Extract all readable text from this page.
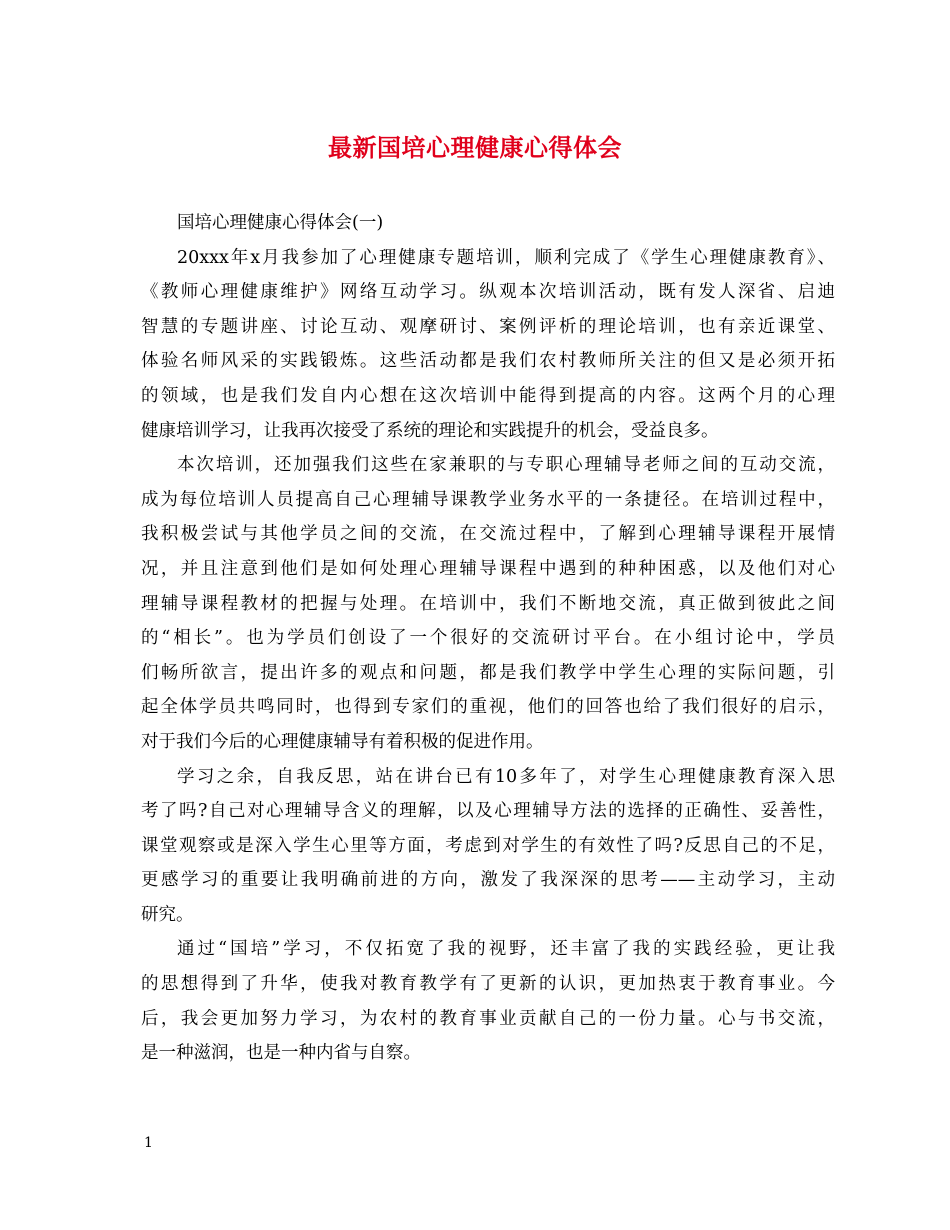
最新国培心理健康心得体会
国培心理健康心得体会(一)
20xxx年x月我参加了心理健康专题培训，顺利完成了《学生心理健康教育》、
《教师心理健康维护》网络互动学习。纵观本次培训活动，既有发人深省、启迪
智慧的专题讲座、讨论互动、观摩研讨、案例评析的理论培训，也有亲近课堂、
体验名师风采的实践锻炼。这些活动都是我们农村教师所关注的但又是必须开拓
的领域，也是我们发自内心想在这次培训中能得到提高的内容。这两个月的心理
健康培训学习，让我再次接受了系统的理论和实践提升的机会，受益良多。
本次培训，还加强我们这些在家兼职的与专职心理辅导老师之间的互动交流，
成为每位培训人员提高自己心理辅导课教学业务水平的一条捷径。在培训过程中，
我积极尝试与其他学员之间的交流，在交流过程中，了解到心理辅导课程开展情
况，并且注意到他们是如何处理心理辅导课程中遇到的种种困惑，以及他们对心
理辅导课程教材的把握与处理。在培训中，我们不断地交流，真正做到彼此之间
的“相长”。也为学员们创设了一个很好的交流研讨平台。在小组讨论中，学员
们畅所欲言，提出许多的观点和问题，都是我们教学中学生心理的实际问题，引
起全体学员共鸣同时，也得到专家们的重视，他们的回答也给了我们很好的启示，
对于我们今后的心理健康辅导有着积极的促进作用。
学习之余，自我反思，站在讲台已有10多年了，对学生心理健康教育深入思
考了吗?自己对心理辅导含义的理解，以及心理辅导方法的选择的正确性、妥善性，
课堂观察或是深入学生心里等方面，考虑到对学生的有效性了吗?反思自己的不足，
更感学习的重要让我明确前进的方向，激发了我深深的思考——主动学习，主动
研究。
通过“国培”学习，不仅拓宽了我的视野，还丰富了我的实践经验，更让我
的思想得到了升华，使我对教育教学有了更新的认识，更加热衷于教育事业。今
后，我会更加努力学习，为农村的教育事业贡献自己的一份力量。心与书交流，
是一种滋润，也是一种内省与自察。
1
